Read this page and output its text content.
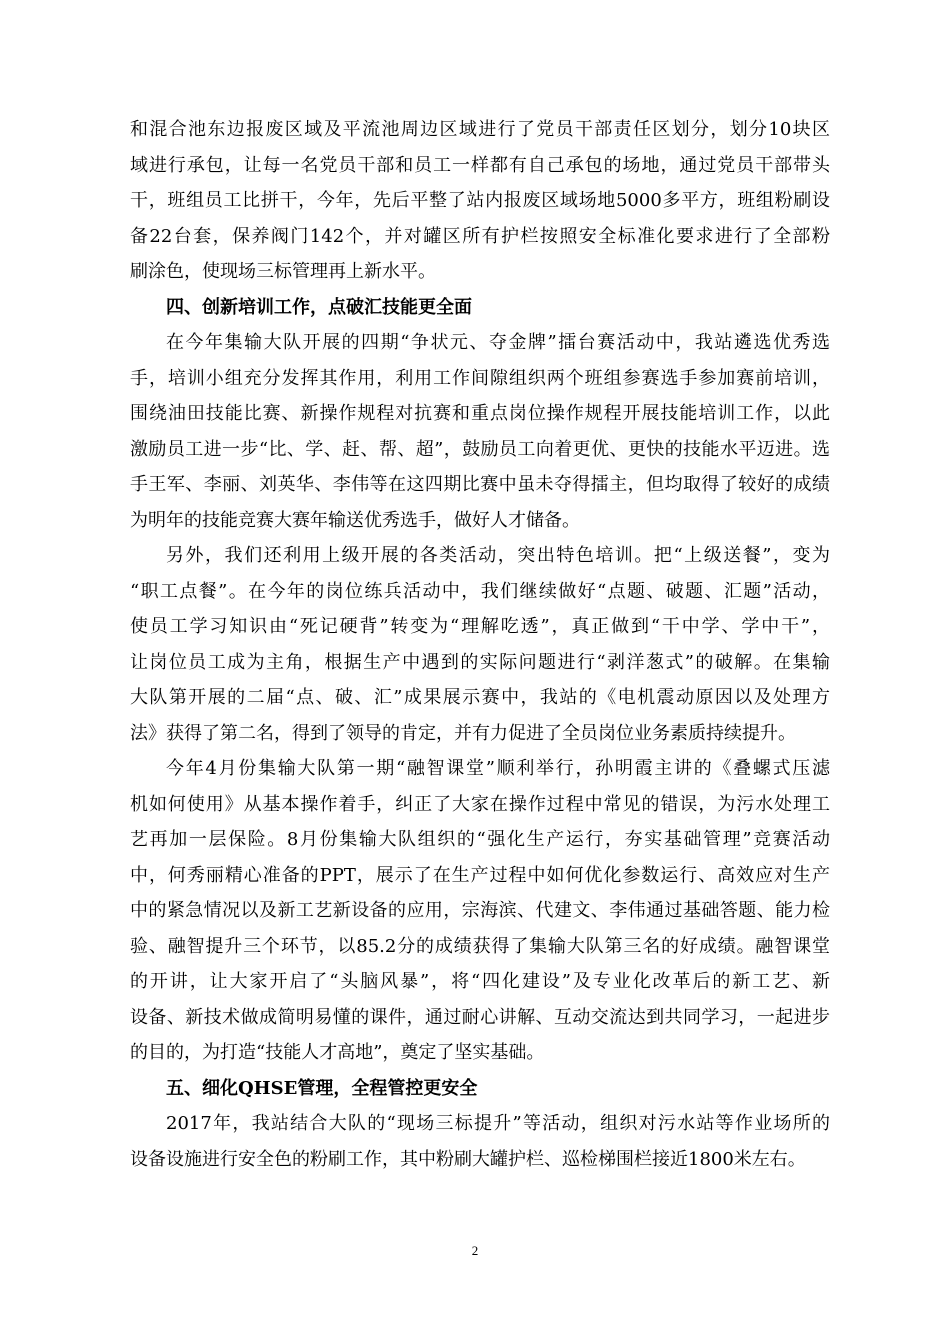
和混合池东边报废区域及平流池周边区域进行了党员干部责任区划分，划分10块区
域进行承包，让每一名党员干部和员工一样都有自己承包的场地，通过党员干部带头
干，班组员工比拼干，今年，先后平整了站内报废区域场地5000多平方，班组粉刷设
备22台套，保养阀门142个，并对罐区所有护栏按照安全标准化要求进行了全部粉
刷涂色，使现场三标管理再上新水平。
四、创新培训工作，点破汇技能更全面
在今年集输大队开展的四期“争状元、夺金牌”擂台赛活动中，我站遴选优秀选
手，培训小组充分发挥其作用，利用工作间隙组织两个班组参赛选手参加赛前培训，
围绕油田技能比赛、新操作规程对抗赛和重点岗位操作规程开展技能培训工作，以此
激励员工进一步“比、学、赶、帮、超”，鼓励员工向着更优、更快的技能水平迈进。选
手王军、李丽、刘英华、李伟等在这四期比赛中虽未夺得擂主，但均取得了较好的成绩
为明年的技能竞赛大赛年输送优秀选手，做好人才储备。
另外，我们还利用上级开展的各类活动，突出特色培训。把“上级送餐”，变为
“职工点餐”。在今年的岗位练兵活动中，我们继续做好“点题、破题、汇题”活动，
使员工学习知识由“死记硬背”转变为“理解吃透”，真正做到“干中学、学中干”，
让岗位员工成为主角，根据生产中遇到的实际问题进行“剥洋葱式”的破解。在集输
大队第开展的二届“点、破、汇”成果展示赛中，我站的《电机震动原因以及处理方
法》获得了第二名，得到了领导的肯定，并有力促进了全员岗位业务素质持续提升。
今年4月份集输大队第一期“融智课堂”顺利举行，孙明霞主讲的《叠螺式压滤
机如何使用》从基本操作着手，纠正了大家在操作过程中常见的错误，为污水处理工
艺再加一层保险。8月份集输大队组织的“强化生产运行，夯实基础管理”竞赛活动
中，何秀丽精心准备的PPT，展示了在生产过程中如何优化参数运行、高效应对生产
中的紧急情况以及新工艺新设备的应用，宗海滨、代建文、李伟通过基础答题、能力检
验、融智提升三个环节，以85.2分的成绩获得了集输大队第三名的好成绩。融智课堂
的开讲，让大家开启了“头脑风暴”，将“四化建设”及专业化改革后的新工艺、新
设备、新技术做成简明易懂的课件，通过耐心讲解、互动交流达到共同学习，一起进步
的目的，为打造“技能人才高地”，奠定了坚实基础。
五、细化QHSE管理，全程管控更安全
2017年，我站结合大队的“现场三标提升”等活动，组织对污水站等作业场所的
设备设施进行安全色的粉刷工作，其中粉刷大罐护栏、巡检梯围栏接近1800米左右。
2
